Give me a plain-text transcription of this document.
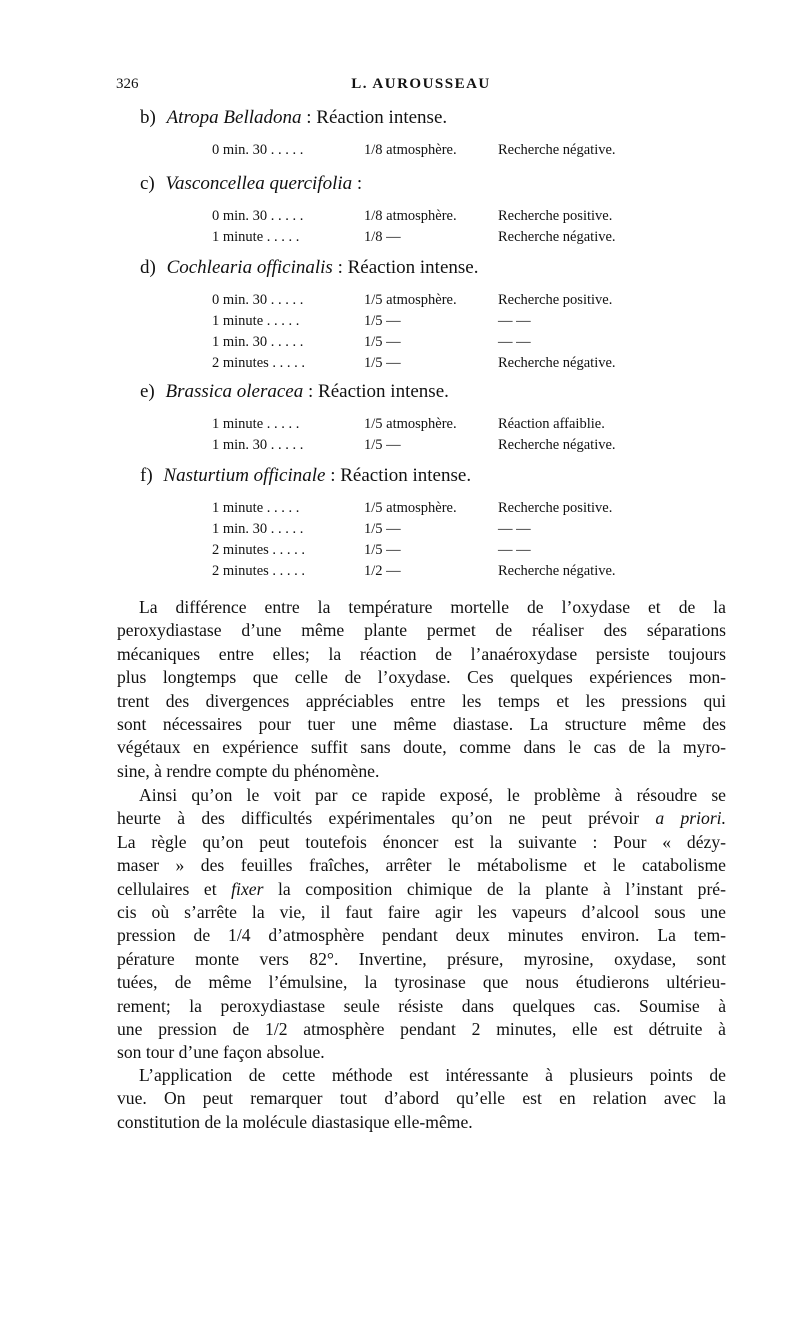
326	L. AUROUSSEAU
b) Atropa Belladona : Réaction intense.
0 min. 30 . . . . .	1/8 atmosphère.	Recherche négative.
c) Vasconcellea quercifolia :
0 min. 30 . . . . .	1/8 atmosphère.	Recherche positive.
1 minute . . . . .	1/8 —	Recherche négative.
d) Cochlearia officinalis : Réaction intense.
0 min. 30 . . . . .	1/5 atmosphère.	Recherche positive.
1 minute . . . . .	1/5 —	— —
1 min. 30 . . . . .	1/5 —	— —
2 minutes . . . . .	1/5 —	Recherche négative.
e) Brassica oleracea : Réaction intense.
1 minute . . . . .	1/5 atmosphère.	Réaction affaiblie.
1 min. 30 . . . . .	1/5 —	Recherche négative.
f) Nasturtium officinale : Réaction intense.
1 minute . . . . .	1/5 atmosphère.	Recherche positive.
1 min. 30 . . . . .	1/5 —	— —
2 minutes . . . . .	1/5 —	— —
2 minutes . . . . .	1/2 —	Recherche négative.
La différence entre la température mortelle de l’oxydase et de la
peroxydiastase d’une même plante permet de réaliser des séparations
mécaniques entre elles; la réaction de l’anaéroxydase persiste toujours
plus longtemps que celle de l’oxydase. Ces quelques expériences mon-
trent des divergences appréciables entre les temps et les pressions qui
sont nécessaires pour tuer une même diastase. La structure même des
végétaux en expérience suffit sans doute, comme dans le cas de la myro-
sine, à rendre compte du phénomène.
Ainsi qu’on le voit par ce rapide exposé, le problème à résoudre se
heurte à des difficultés expérimentales qu’on ne peut prévoir a priori.
La règle qu’on peut toutefois énoncer est la suivante : Pour « dézy-
maser » des feuilles fraîches, arrêter le métabolisme et le catabolisme
cellulaires et fixer la composition chimique de la plante à l’instant pré-
cis où s’arrête la vie, il faut faire agir les vapeurs d’alcool sous une
pression de 1/4 d’atmosphère pendant deux minutes environ. La tem-
pérature monte vers 82°. Invertine, présure, myrosine, oxydase, sont
tuées, de même l’émulsine, la tyrosinase que nous étudierons ultérieu-
rement; la peroxydiastase seule résiste dans quelques cas. Soumise à
une pression de 1/2 atmosphère pendant 2 minutes, elle est détruite à
son tour d’une façon absolue.
L’application de cette méthode est intéressante à plusieurs points de
vue. On peut remarquer tout d’abord qu’elle est en relation avec la
constitution de la molécule diastasique elle-même.
